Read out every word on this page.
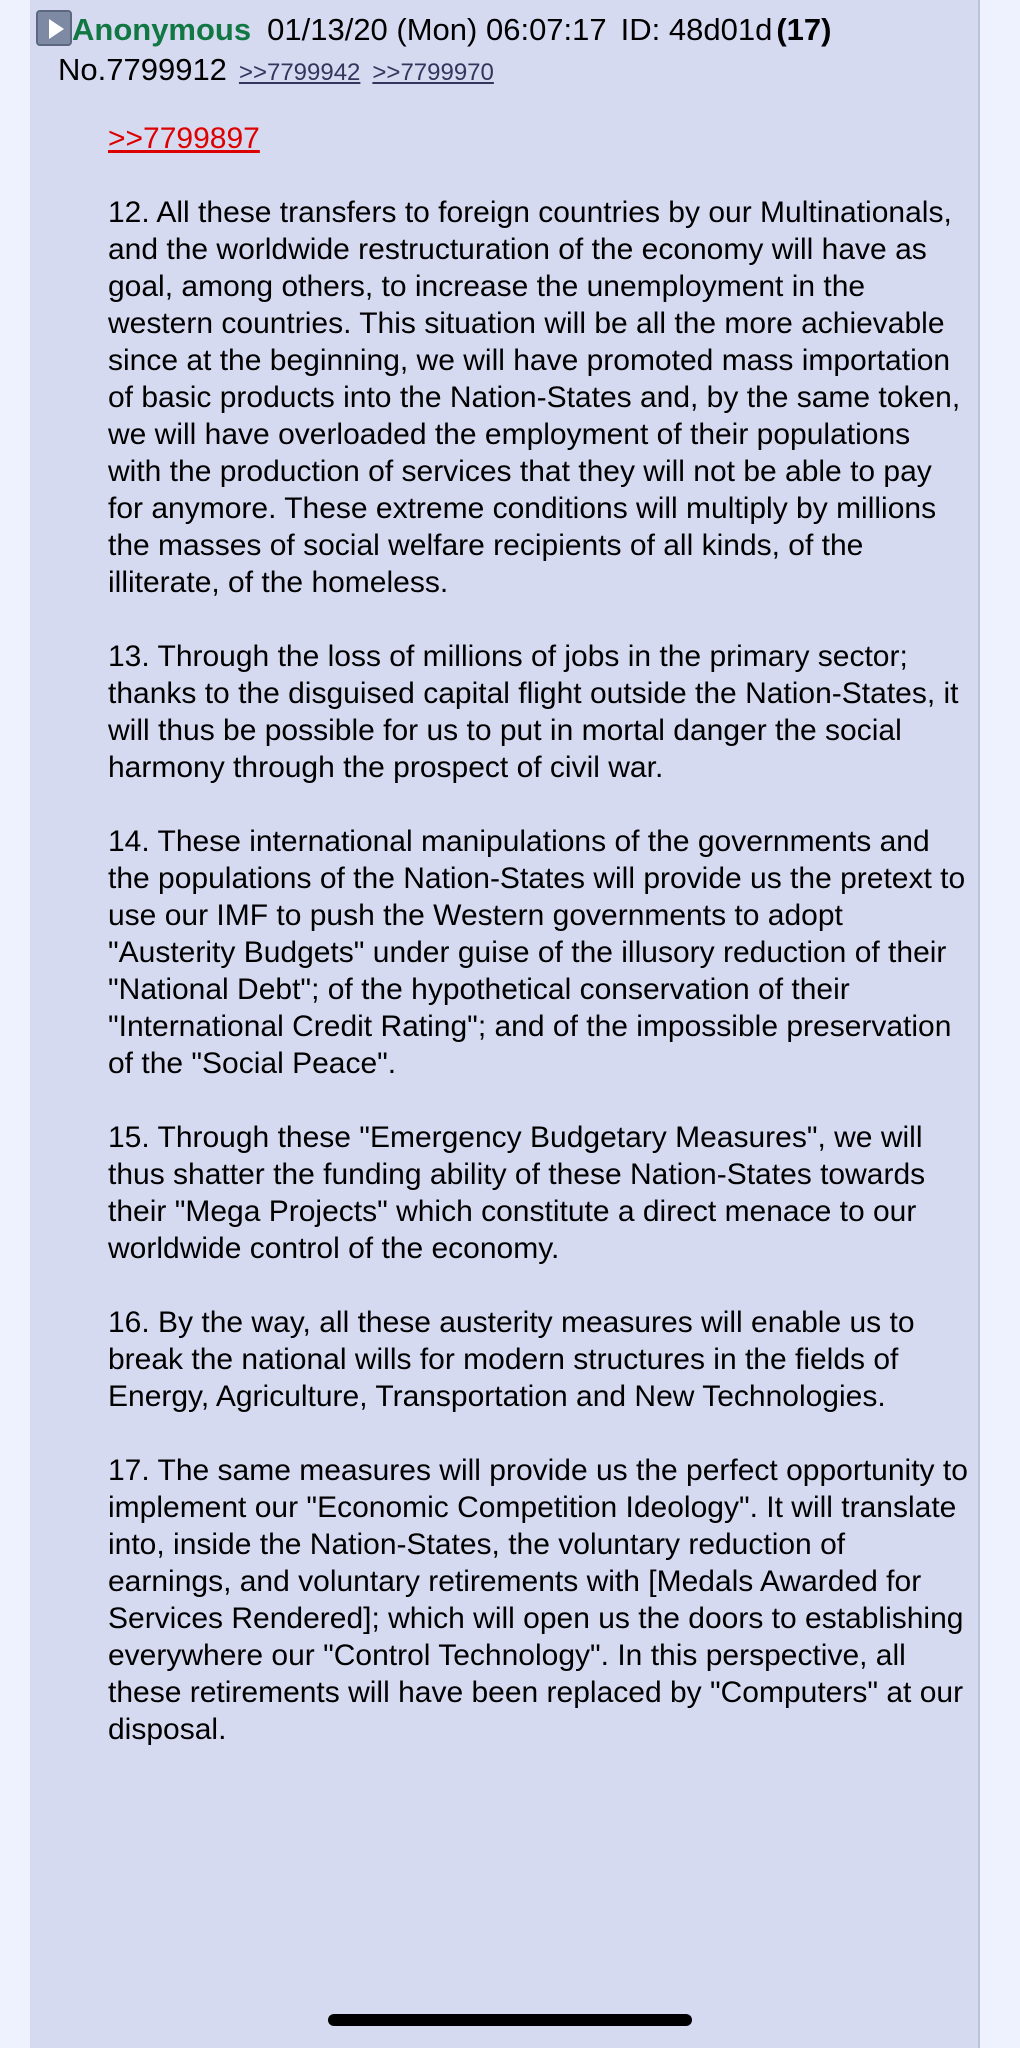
Anonymous 01/13/20 (Mon) 06:07:17 ID: 48d01d (17)
No.7799912 >>7799942 >>7799970
>>7799897

12. All these transfers to foreign countries by our Multinationals, and the worldwide restructuration of the economy will have as goal, among others, to increase the unemployment in the western countries. This situation will be all the more achievable since at the beginning, we will have promoted mass importation of basic products into the Nation-States and, by the same token, we will have overloaded the employment of their populations with the production of services that they will not be able to pay for anymore. These extreme conditions will multiply by millions the masses of social welfare recipients of all kinds, of the illiterate, of the homeless.

13. Through the loss of millions of jobs in the primary sector; thanks to the disguised capital flight outside the Nation-States, it will thus be possible for us to put in mortal danger the social harmony through the prospect of civil war.

14. These international manipulations of the governments and the populations of the Nation-States will provide us the pretext to use our IMF to push the Western governments to adopt "Austerity Budgets" under guise of the illusory reduction of their "National Debt"; of the hypothetical conservation of their "International Credit Rating"; and of the impossible preservation of the "Social Peace".

15. Through these "Emergency Budgetary Measures", we will thus shatter the funding ability of these Nation-States towards their "Mega Projects" which constitute a direct menace to our worldwide control of the economy.

16. By the way, all these austerity measures will enable us to break the national wills for modern structures in the fields of Energy, Agriculture, Transportation and New Technologies.

17. The same measures will provide us the perfect opportunity to implement our "Economic Competition Ideology". It will translate into, inside the Nation-States, the voluntary reduction of earnings, and voluntary retirements with [Medals Awarded for Services Rendered]; which will open us the doors to establishing everywhere our "Control Technology". In this perspective, all these retirements will have been replaced by "Computers" at our disposal.
